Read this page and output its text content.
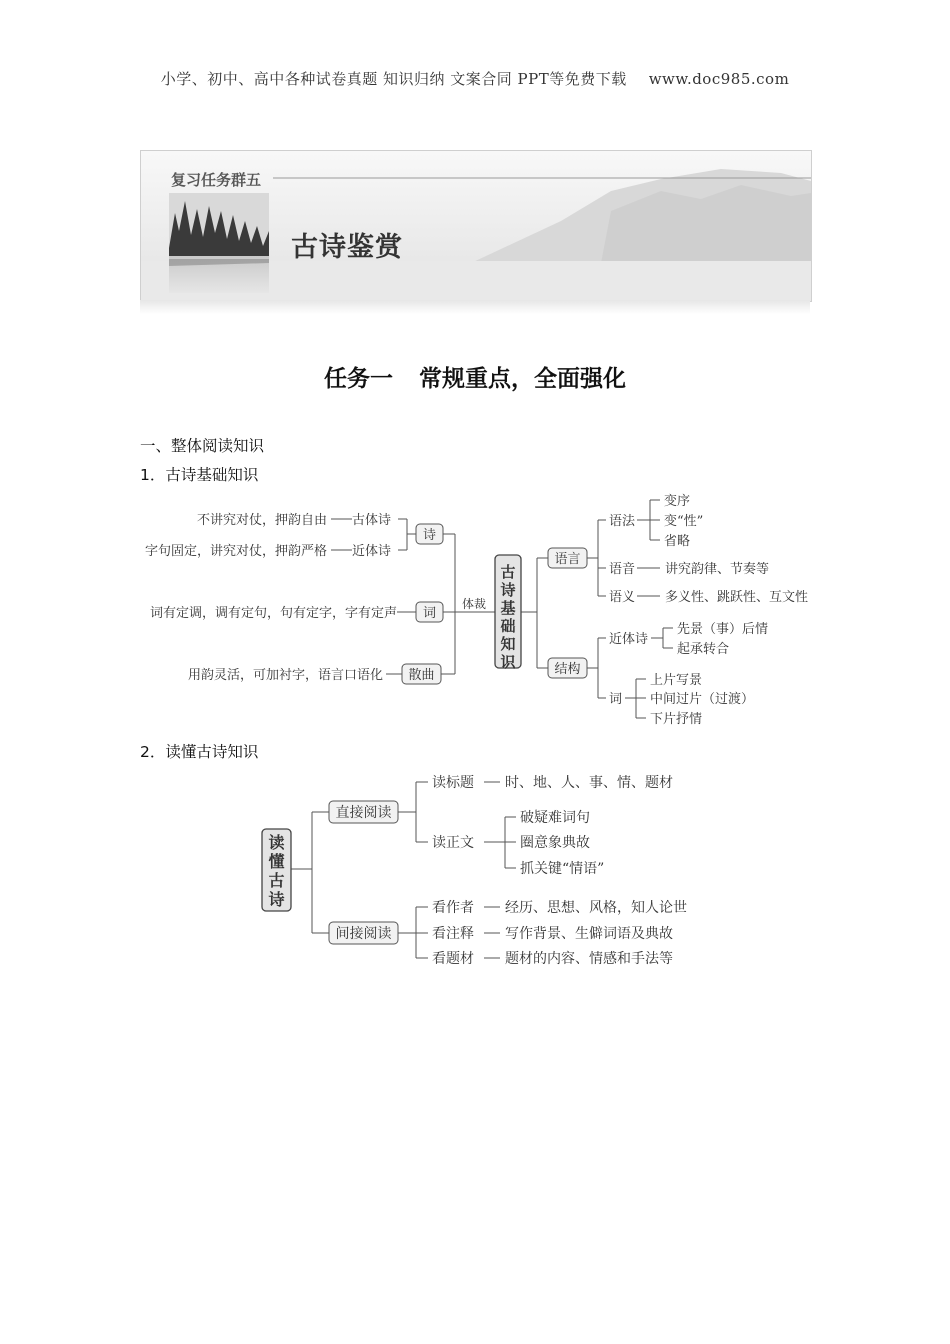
小学、初中、高中各种试卷真题 知识归纳 文案合同 PPT等免费下载 www.doc985.com
复习任务群五
古诗鉴赏
任务一 常规重点，全面强化
一、整体阅读知识
1．古诗基础知识
2．读懂古诗知识
不讲究对仗，押韵自由 古体诗
字句固定，讲究对仗，押韵严格 近体诗
词有定调，调有定句，句有定字，字有定声
用韵灵活，可加衬字，语言口语化
体裁
诗
词
散曲
古
诗
基
础
知
识
语言
结构
语法
变序
变“性”
省略
语音 讲究韵律、节奏等
语义 多义性、跳跃性、互文性
近体诗
先景（事）后情
起承转合
词
上片写景
中间过片（过渡）
下片抒情
读
懂
古
诗
直接阅读
间接阅读
读标题 时、地、人、事、情、题材
读正文
破疑难词句
圈意象典故
抓关键“情语”
看作者 经历、思想、风格，知人论世
看注释 写作背景、生僻词语及典故
看题材 题材的内容、情感和手法等
